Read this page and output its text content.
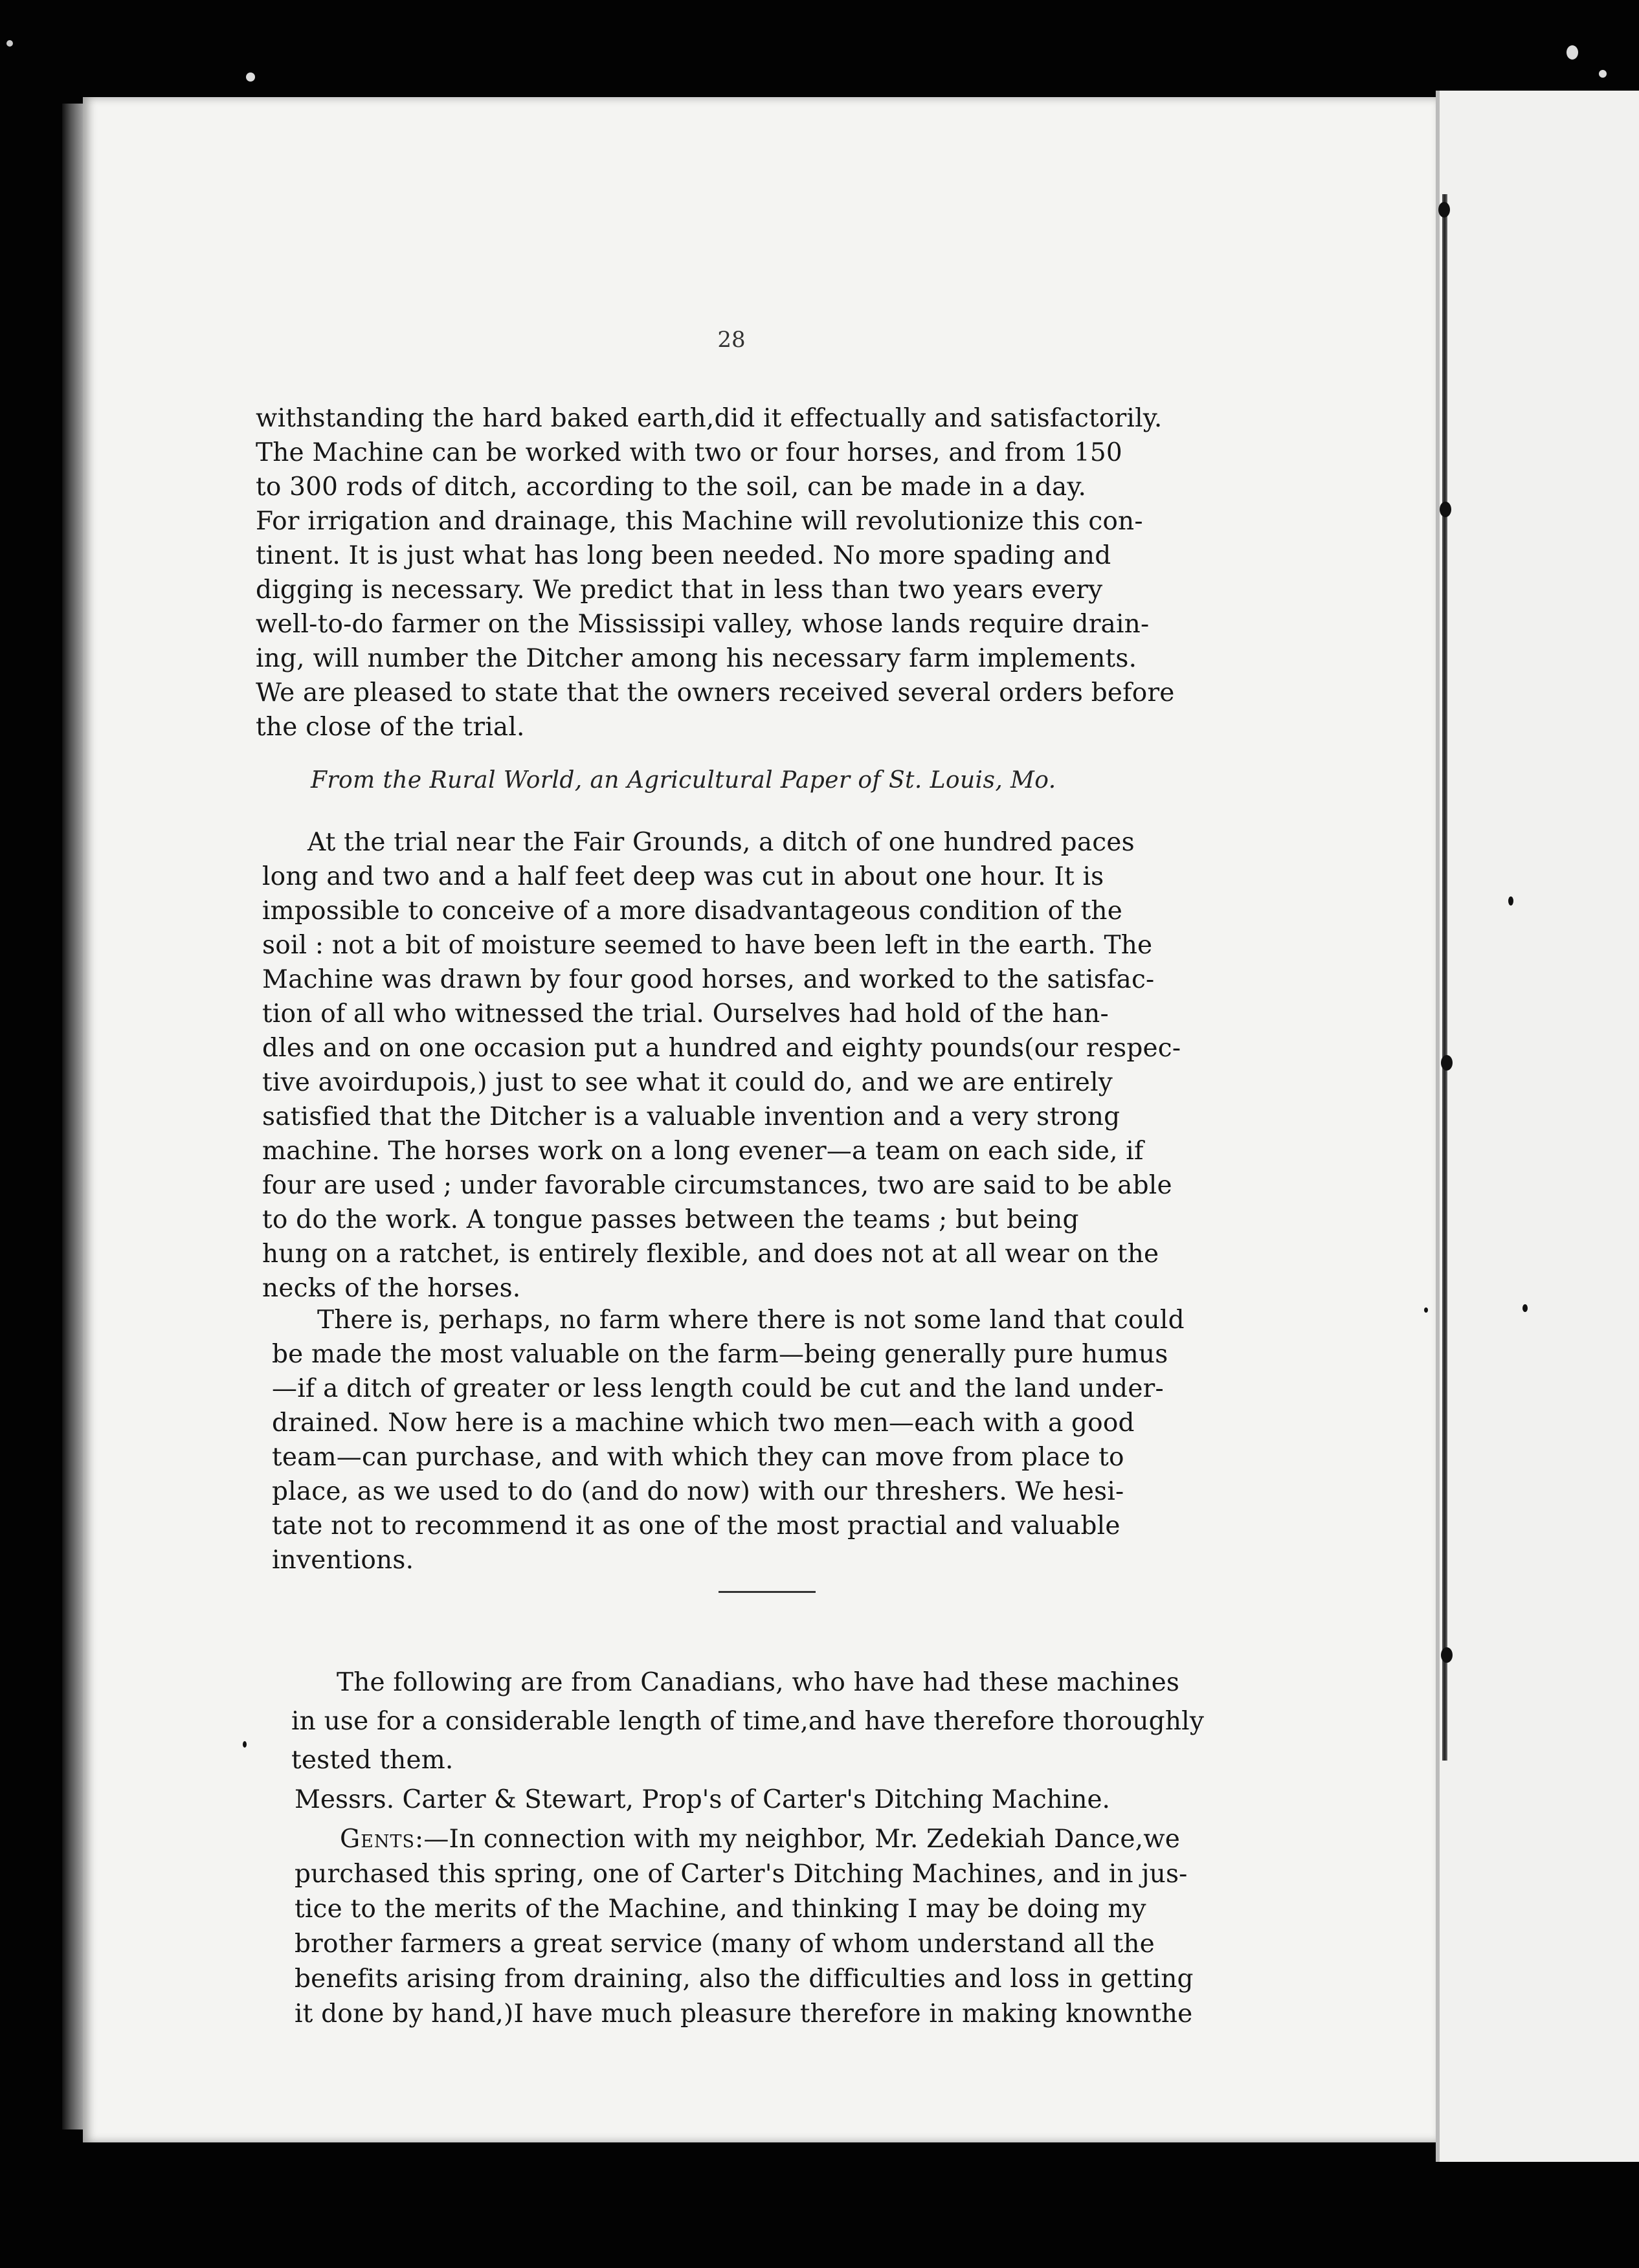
28

withstanding the hard baked earth,did it effectually and satisfactorily.

The Machine can be worked with two or four horses, and from 150

to 300 rods of ditch, according to the soil, can be made in a day.

For irrigation and drainage, this Machine will revolutionize this con-

tinent. It is just what has long been needed. No more spading and

digging is necessary. We predict that in less than two years every

well-to-do farmer on the Mississipi valley, whose lands require drain-

ing, will number the Ditcher among his necessary farm implements.

We are pleased to state that the owners received several orders before

the close of the trial.

From the Rural World, an Agricultural Paper of St. Louis, Mo.

At the trial near the Fair Grounds, a ditch of one hundred paces

long and two and a half feet deep was cut in about one hour. It is

impossible to conceive of a more disadvantageous condition of the

soil : not a bit of moisture seemed to have been left in the earth. The

Machine was drawn by four good horses, and worked to the satisfac-

tion of all who witnessed the trial. Ourselves had hold of the han-

dles and on one occasion put a hundred and eighty pounds(our respec-

tive avoirdupois,) just to see what it could do, and we are entirely

satisfied that the Ditcher is a valuable invention and a very strong

machine. The horses work on a long evener—a team on each side, if

four are used ; under favorable circumstances, two are said to be able

to do the work. A tongue passes between the teams ; but being

hung on a ratchet, is entirely flexible, and does not at all wear on the

necks of the horses.

There is, perhaps, no farm where there is not some land that could

be made the most valuable on the farm—being generally pure humus

—if a ditch of greater or less length could be cut and the land under-

drained. Now here is a machine which two men—each with a good

team—can purchase, and with which they can move from place to

place, as we used to do (and do now) with our threshers. We hesi-

tate not to recommend it as one of the most practial and valuable

inventions.

The following are from Canadians, who have had these machines

in use for a considerable length of time,and have therefore thoroughly

tested them.

Messrs. Carter & Stewart, Prop's of Carter's Ditching Machine.

Gents:—In connection with my neighbor, Mr. Zedekiah Dance,we

purchased this spring, one of Carter's Ditching Machines, and in jus-

tice to the merits of the Machine, and thinking I may be doing my

brother farmers a great service (many of whom understand all the

benefits arising from draining, also the difficulties and loss in getting

it done by hand,)I have much pleasure therefore in making knownthe
